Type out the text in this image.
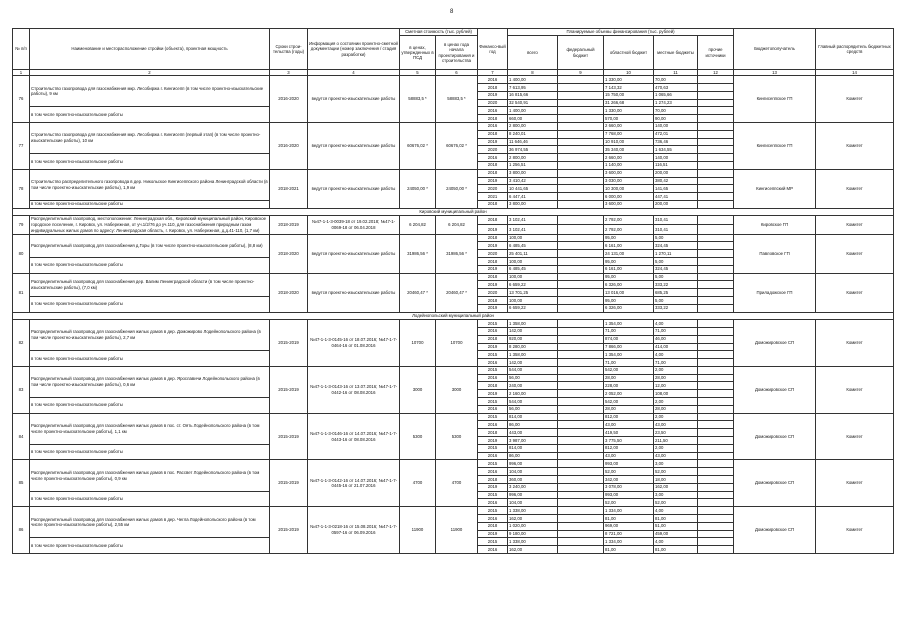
8
№ п/п	Наименование и месторасположение стройки (объекта), проектная мощность	Сроки строи-тельства (годы)	Информация о состоянии проектно-сметной документации (номер заключения / стадия разработки)	Сметная стоимость (тыс. рублей)		Финансо-вый год	Планируемые объемы финансирования (тыс. рублей)					Бюджетополучатель	Главный распорядитель бюджетных средств
				в ценах, утвержденных в ПСД	в ценах года начала проектирования и строительства		всего	федеральный бюджет	областной бюджет	местные бюджеты	прочие источники		
1	2	3	4	5	6	7	8	9	10	11	12	13	14
76	Строительство газопровода для газоснабжения мкр. Лесобиржа г. Кингисепп (в том числе проектно-изыскательские работы), 9 км	2016-2020	ведутся проектно-изыскательские работы	58883,5 *	58883,5 *	2016	1 400,00		1 330,00	70,00		Кингисеппское ГП	Комитет
						2018	7 613,95		7 143,32	470,63			
						2019	16 815,66		15 750,00	1 065,66			
						2020	32 540,91		31 266,68	1 274,23			
	в том числе проектно-изыскательские работы					2016	1 400,00		1 330,00	70,00			
						2018	660,00		570,00	90,00			
77	Строительство газопровода для газоснабжения мкр. Лесобиржа г. Кингисепп (первый этап) (в том числе проектно-изыскательские работы), 10 км	2016-2020	ведутся проектно-изыскательские работы	60676,02 *	60676,02 *	2016	2 800,00		2 660,00	140,00		Кингисеппское ГП	Комитет
						2018	8 240,01		7 768,00	472,01			
						2019	11 646,46		10 910,00	736,46			
						2020	36 974,55		35 340,00	1 634,55			
	в том числе проектно-изыскательские работы					2016	2 800,00		2 660,00	140,00			
						2018	1 256,51		1 140,00	116,51			
78	Строительство распределительного газопровода в дер. Никольское Кингисеппского района Ленинградской области (в том числе проектно-изыскательские работы), 1,9 км	2018-2021	ведутся проектно-изыскательские работы	24050,00 *	24050,00 *	2018	3 800,00		3 600,00	200,00		Кингисеппский МР	Комитет
						2019	3 410,42		3 030,00	380,42			
						2020	10 441,65		10 300,00	141,65			
						2021	6 447,41		6 000,00	447,41			
	в том числе проектно-изыскательские работы					2018	3 800,00		3 600,00	200,00			
Кировский муниципальный район													
79	Распределительный газопровод, местоположение: Ленинградская обл., Кировский муниципальный район, Кировское городское поселение, г. Кировск, ул. Набережная, от уч.1/2/76 до уч.110, для газоснабжения природным газом индивидуальных жилых домов по адресу: Ленинградская область, г. Кировск, ул. Набережная, д.д.41-110, (1,7 км)	2018-2019	№47-1-1-3-0039-18 от 19.02.2018; №47-1-0069-18 от 06.04.2018	6 204,82	6 204,82	2018	3 102,41		2 792,00	310,41		Кировское ГП	Комитет
						2019	3 102,41		2 792,00	310,41			
80	Распределительный газопровод для газоснабжения д.Горы (в том числе проектно-изыскательские работы), (8,8 км)	2018-2020	ведутся проектно-изыскательские работы	31986,56 *	31986,56 *	2018	100,00		95,00	5,00		Павловское ГП	Комитет
						2019	6 485,45		6 161,00	324,45			
						2020	25 401,11		24 131,00	1 270,11			
	в том числе проектно-изыскательские работы					2018	100,00		95,00	5,00			
						2019	6 485,45		6 161,00	324,45			
81	Распределительный газопровод для газоснабжения дер. Валим Ленинградской области (в том числе проектно-изыскательские работы), (7,0 км)	2018-2020	ведутся проектно-изыскательские работы	20460,47 *	20460,47 *	2018	100,00		95,00	5,00		Приладожское ГП	Комитет
						2019	6 659,22		6 326,00	333,22			
						2020	13 701,25		13 016,00	685,25			
	в том числе проектно-изыскательские работы					2018	100,00		95,00	5,00			
						2019	6 659,22		6 326,00	333,22			
Лодейнопольский муниципальный район													
82	Распределительный газопровод для газоснабжения жилых домов в дер. Доможирово Лодейнопольского района (в том числе проектно-изыскательские работы), 2,7 км	2015-2019	№47-1-1-3-0145-16 от 18.07.2016; №47-1-7-0464-16 от 01.08.2016	10700	10700	2015	1 358,00		1 354,00	4,00		Доможировское СП	Комитет
						2016	142,00		71,00	71,00			
						2018	920,00		874,00	46,00			
						2019	8 280,00		7 866,00	414,00			
	в том числе проектно-изыскательские работы					2015	1 358,00		1 354,00	4,00			
						2016	142,00		71,00	71,00			
83	Распределительный газопровод для газоснабжения жилых домов в дер. Ярославичи Лодейнопольского района (в том числе проектно-изыскательские работы), 0,6 км	2015-2019	№47-1-1-3-0143-16 от 13.07.2016; №47-1-7-0442-16 от 08.08.2016	3000	3000	2015	544,00		542,00	2,00		Доможировское СП	Комитет
						2016	56,00		28,00	28,00			
						2018	240,00		228,00	12,00			
						2019	2 160,00		2 052,00	108,00			
	в том числе проектно-изыскательские работы					2015	544,00		542,00	2,00			
						2016	56,00		28,00	28,00			
84	Распределительный газопровод для газоснабжения жилых домов в пос. ст. Оять Лодейнопольского района (в том числе проектно-изыскательские работы), 1,1 км	2015-2019	№47-1-1-3-0146-16 от 14.07.2016; №47-1-7-0443-16 от 08.08.2016	5300	5300	2015	814,00		812,00	2,00		Доможировское СП	Комитет
						2016	86,00		43,00	43,00			
						2018	443,00		419,50	23,50			
						2019	3 987,00		3 775,50	211,50			
	в том числе проектно-изыскательские работы					2015	814,00		812,00	2,00			
						2016	86,00		43,00	43,00			
85	Распределительный газопровод для газоснабжения жилых домов в пос. Рассвет Лодейнопольского района (в том числе проектно-изыскательские работы), 0,9 км	2015-2019	№47-1-1-3-0142-16 от 14.07.2016; №47-1-7-0445-16 от 21.07.2016	4700	4700	2015	996,00		993,00	3,00		Доможировское СП	Комитет
						2016	104,00		52,00	52,00			
						2018	360,00		342,00	18,00			
						2019	3 240,00		3 078,00	162,00			
	в том числе проектно-изыскательские работы					2015	996,00		993,00	3,00			
						2016	104,00		52,00	52,00			
86	Распределительный газопровод для газоснабжения жилых домов в дер. Чегла Лодейнопольского района (в том числе проектно-изыскательские работы), 2,55 км	2015-2019	№47-1-1-3-0218-16 от 15.08.2016; №47-1-7-0597-16 от 06.09.2016	11900	11900	2015	1 338,00		1 334,00	4,00		Доможировское СП	Комитет
						2016	162,00		81,00	81,00			
						2018	1 020,00		969,00	51,00			
						2019	9 180,00		8 721,00	459,00			
	в том числе проектно-изыскательские работы					2015	1 338,00		1 334,00	4,00			
						2016	162,00		81,00	81,00			
